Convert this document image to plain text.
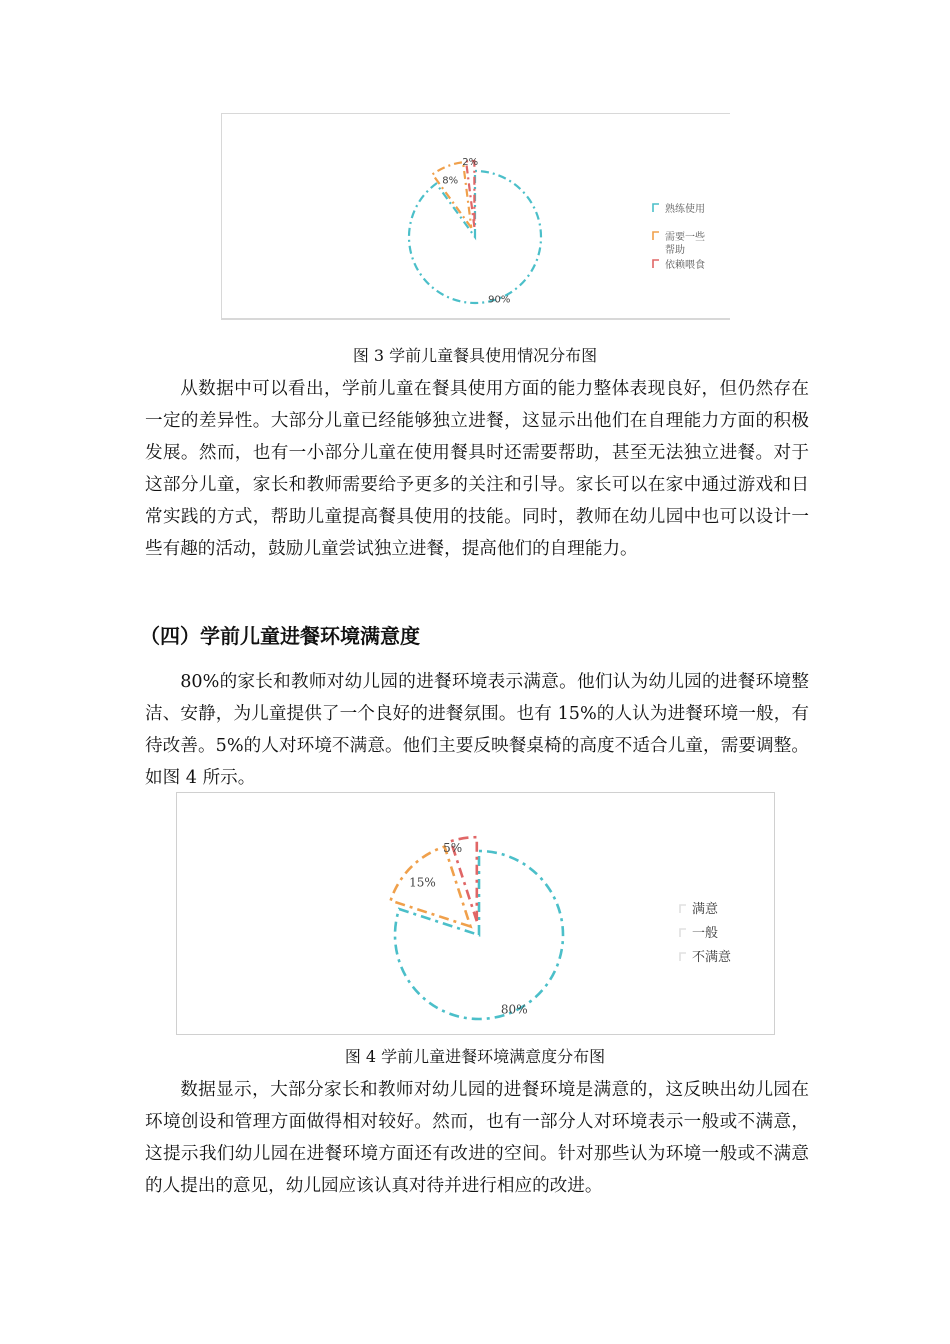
90%
8%
2%
熟练使用
需要一些帮助
依赖喂食
图 3 学前儿童餐具使用情况分布图

从数据中可以看出，学前儿童在餐具使用方面的能力整体表现良好，但仍然存在一定的差异性。大部分儿童已经能够独立进餐，这显示出他们在自理能力方面的积极发展。然而，也有一小部分儿童在使用餐具时还需要帮助，甚至无法独立进餐。对于这部分儿童，家长和教师需要给予更多的关注和引导。家长可以在家中通过游戏和日常实践的方式，帮助儿童提高餐具使用的技能。同时，教师在幼儿园中也可以设计一些有趣的活动，鼓励儿童尝试独立进餐，提高他们的自理能力。

（四）学前儿童进餐环境满意度

80%的家长和教师对幼儿园的进餐环境表示满意。他们认为幼儿园的进餐环境整洁、安静，为儿童提供了一个良好的进餐氛围。也有 15%的人认为进餐环境一般，有待改善。5%的人对环境不满意。他们主要反映餐桌椅的高度不适合儿童，需要调整。如图 4 所示。

80%
15%
5%
满意
一般
不满意
图 4 学前儿童进餐环境满意度分布图

数据显示，大部分家长和教师对幼儿园的进餐环境是满意的，这反映出幼儿园在环境创设和管理方面做得相对较好。然而，也有一部分人对环境表示一般或不满意，这提示我们幼儿园在进餐环境方面还有改进的空间。针对那些认为环境一般或不满意的人提出的意见，幼儿园应该认真对待并进行相应的改进。
